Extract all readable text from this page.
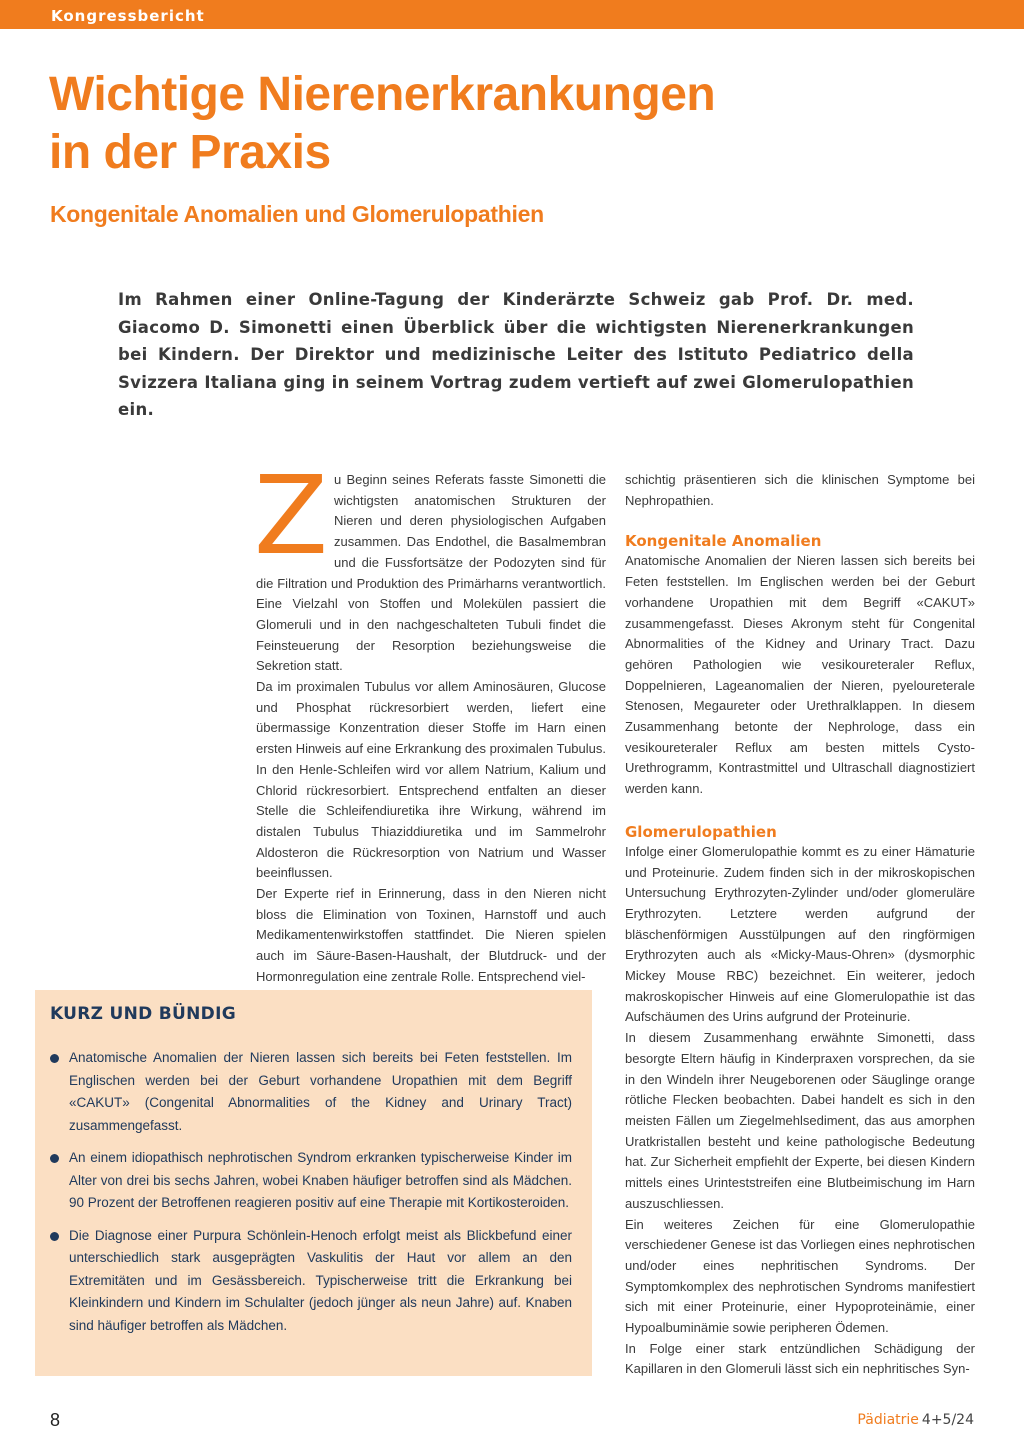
Kongressbericht
Wichtige Nierenerkrankungen
in der Praxis
Kongenitale Anomalien und Glomerulopathien

Im Rahmen einer Online-Tagung der Kinderärzte Schweiz gab Prof. Dr. med. Giacomo D. Simonetti einen Überblick über die wichtigsten Nierenerkrankungen bei Kindern. Der Direktor und medizinische Leiter des Istituto Pediatrico della Svizzera Italiana ging in seinem Vortrag zudem vertieft auf zwei Glomerulopathien ein.

Z u Beginn seines Referats fasste Simonetti die wichtigsten anatomischen Strukturen der Nieren und deren physiologischen Aufgaben zusammen. Das Endothel, die Basalmembran und die Fussfortsätze der Podozyten sind für die Filtration und Produktion des Primärharns verantwortlich. Eine Vielzahl von Stoffen und Molekülen passiert die Glomeruli und in den nachgeschalteten Tubuli findet die Feinsteuerung der Resorption beziehungsweise die Sekretion statt.

Da im proximalen Tubulus vor allem Aminosäuren, Glucose und Phosphat rückresorbiert werden, liefert eine übermassige Konzentration dieser Stoffe im Harn einen ersten Hinweis auf eine Erkrankung des proximalen Tubulus. In den Henle-Schleifen wird vor allem Natrium, Kalium und Chlorid rückresorbiert. Entsprechend entfalten an dieser Stelle die Schleifendiuretika ihre Wirkung, während im distalen Tubulus Thiaziddiuretika und im Sammelrohr Aldosteron die Rückresorption von Natrium und Wasser beeinflussen.

Der Experte rief in Erinnerung, dass in den Nieren nicht bloss die Elimination von Toxinen, Harnstoff und auch Medikamentenwirkstoffen stattfindet. Die Nieren spielen auch im Säure-Basen-Haushalt, der Blutdruck- und der Hormonregulation eine zentrale Rolle. Entsprechend viel-

schichtig präsentieren sich die klinischen Symptome bei Nephropathien.

Kongenitale Anomalien

Anatomische Anomalien der Nieren lassen sich bereits bei Feten feststellen. Im Englischen werden bei der Geburt vorhandene Uropathien mit dem Begriff «CAKUT» zusammengefasst. Dieses Akronym steht für Congenital Abnormalities of the Kidney and Urinary Tract. Dazu gehören Pathologien wie vesikoureteraler Reflux, Doppelnieren, Lageanomalien der Nieren, pyeloureterale Stenosen, Megaureter oder Urethralklappen. In diesem Zusammenhang betonte der Nephrologe, dass ein vesikoureteraler Reflux am besten mittels Cysto-Urethrogramm, Kontrastmittel und Ultraschall diagnostiziert werden kann.

Glomerulopathien

Infolge einer Glomerulopathie kommt es zu einer Hämaturie und Proteinurie. Zudem finden sich in der mikroskopischen Untersuchung Erythrozyten-Zylinder und/oder glomeruläre Erythrozyten. Letztere werden aufgrund der bläschenförmigen Ausstülpungen auf den ringförmigen Erythrozyten auch als «Micky-Maus-Ohren» (dysmorphic Mickey Mouse RBC) bezeichnet. Ein weiterer, jedoch makroskopischer Hinweis auf eine Glomerulopathie ist das Aufschäumen des Urins aufgrund der Proteinurie.

In diesem Zusammenhang erwähnte Simonetti, dass besorgte Eltern häufig in Kinderpraxen vorsprechen, da sie in den Windeln ihrer Neugeborenen oder Säuglinge orange rötliche Flecken beobachten. Dabei handelt es sich in den meisten Fällen um Ziegelmehlsediment, das aus amorphen Uratkristallen besteht und keine pathologische Bedeutung hat. Zur Sicherheit empfiehlt der Experte, bei diesen Kindern mittels eines Urinteststreifen eine Blutbeimischung im Harn auszuschliessen.

Ein weiteres Zeichen für eine Glomerulopathie verschiedener Genese ist das Vorliegen eines nephrotischen und/oder eines nephritischen Syndroms. Der Symptomkomplex des nephrotischen Syndroms manifestiert sich mit einer Proteinurie, einer Hypoproteinämie, einer Hypoalbuminämie sowie peripheren Ödemen.

In Folge einer stark entzündlichen Schädigung der Kapillaren in den Glomeruli lässt sich ein nephritisches Syn-

KURZ UND BÜNDIG
Anatomische Anomalien der Nieren lassen sich bereits bei Feten feststellen. Im Englischen werden bei der Geburt vorhandene Uropathien mit dem Begriff «CAKUT» (Congenital Abnormalities of the Kidney and Urinary Tract) zusammengefasst.
An einem idiopathisch nephrotischen Syndrom erkranken typischerweise Kinder im Alter von drei bis sechs Jahren, wobei Knaben häufiger betroffen sind als Mädchen. 90 Prozent der Betroffenen reagieren positiv auf eine Therapie mit Kortikosteroiden.
Die Diagnose einer Purpura Schönlein-Henoch erfolgt meist als Blickbefund einer unterschiedlich stark ausgeprägten Vaskulitis der Haut vor allem an den Extremitäten und im Gesässbereich. Typischerweise tritt die Erkrankung bei Kleinkindern und Kindern im Schulalter (jedoch jünger als neun Jahre) auf. Knaben sind häufiger betroffen als Mädchen.
8	Pädiatrie 4+5/24
